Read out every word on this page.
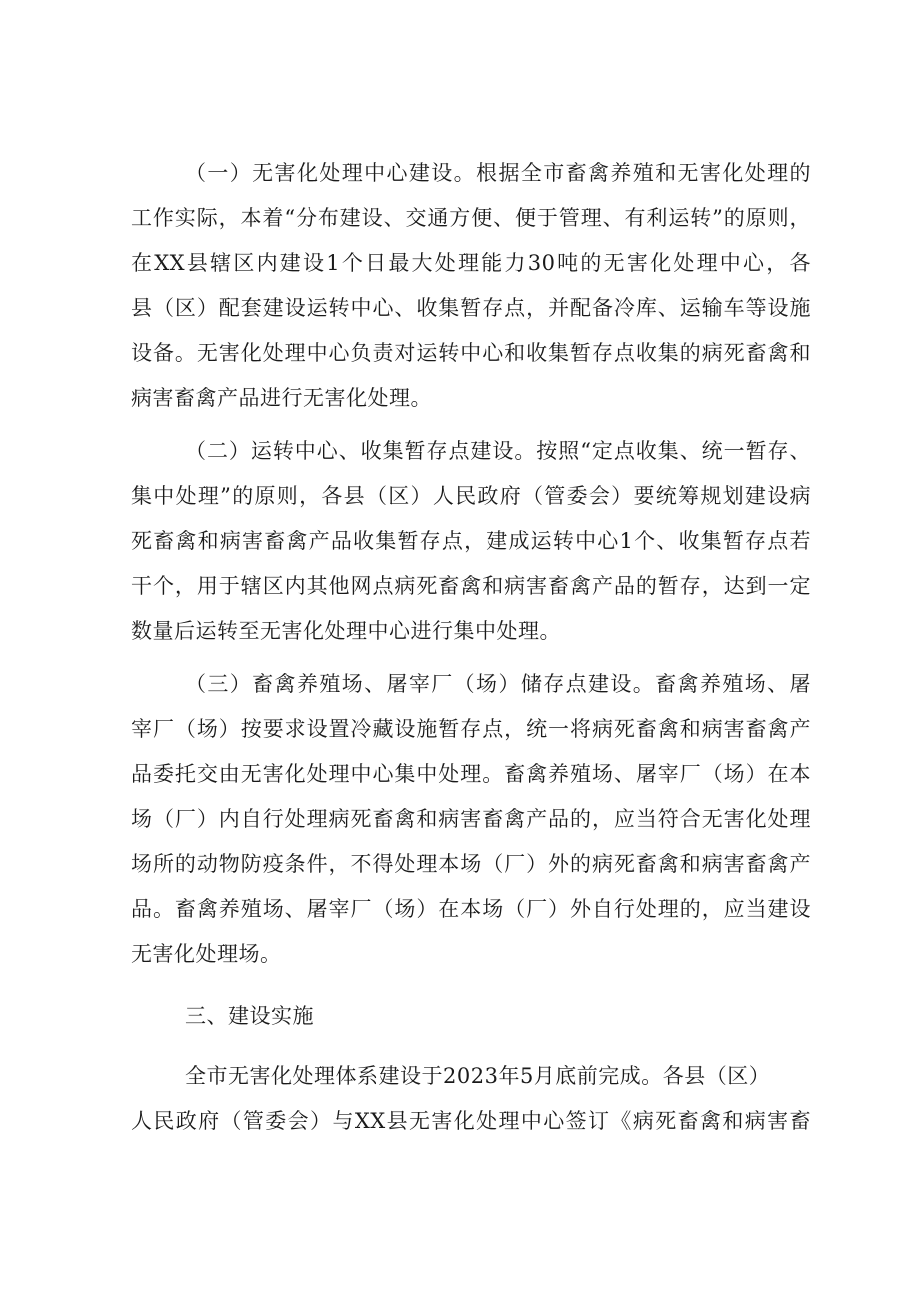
（一）无害化处理中心建设。根据全市畜禽养殖和无害化处理的
工作实际，本着“分布建设、交通方便、便于管理、有利运转”的原则，
在XX县辖区内建设1个日最大处理能力30吨的无害化处理中心，各
县（区）配套建设运转中心、收集暂存点，并配备冷库、运输车等设施
设备。无害化处理中心负责对运转中心和收集暂存点收集的病死畜禽和
病害畜禽产品进行无害化处理。
（二）运转中心、收集暂存点建设。按照“定点收集、统一暂存、
集中处理”的原则，各县（区）人民政府（管委会）要统筹规划建设病
死畜禽和病害畜禽产品收集暂存点，建成运转中心1个、收集暂存点若
干个，用于辖区内其他网点病死畜禽和病害畜禽产品的暂存，达到一定
数量后运转至无害化处理中心进行集中处理。
（三）畜禽养殖场、屠宰厂（场）储存点建设。畜禽养殖场、屠
宰厂（场）按要求设置冷藏设施暂存点，统一将病死畜禽和病害畜禽产
品委托交由无害化处理中心集中处理。畜禽养殖场、屠宰厂（场）在本
场（厂）内自行处理病死畜禽和病害畜禽产品的，应当符合无害化处理
场所的动物防疫条件，不得处理本场（厂）外的病死畜禽和病害畜禽产
品。畜禽养殖场、屠宰厂（场）在本场（厂）外自行处理的，应当建设
无害化处理场。
三、建设实施
全市无害化处理体系建设于2023年5月底前完成。各县（区）
人民政府（管委会）与XX县无害化处理中心签订《病死畜禽和病害畜
